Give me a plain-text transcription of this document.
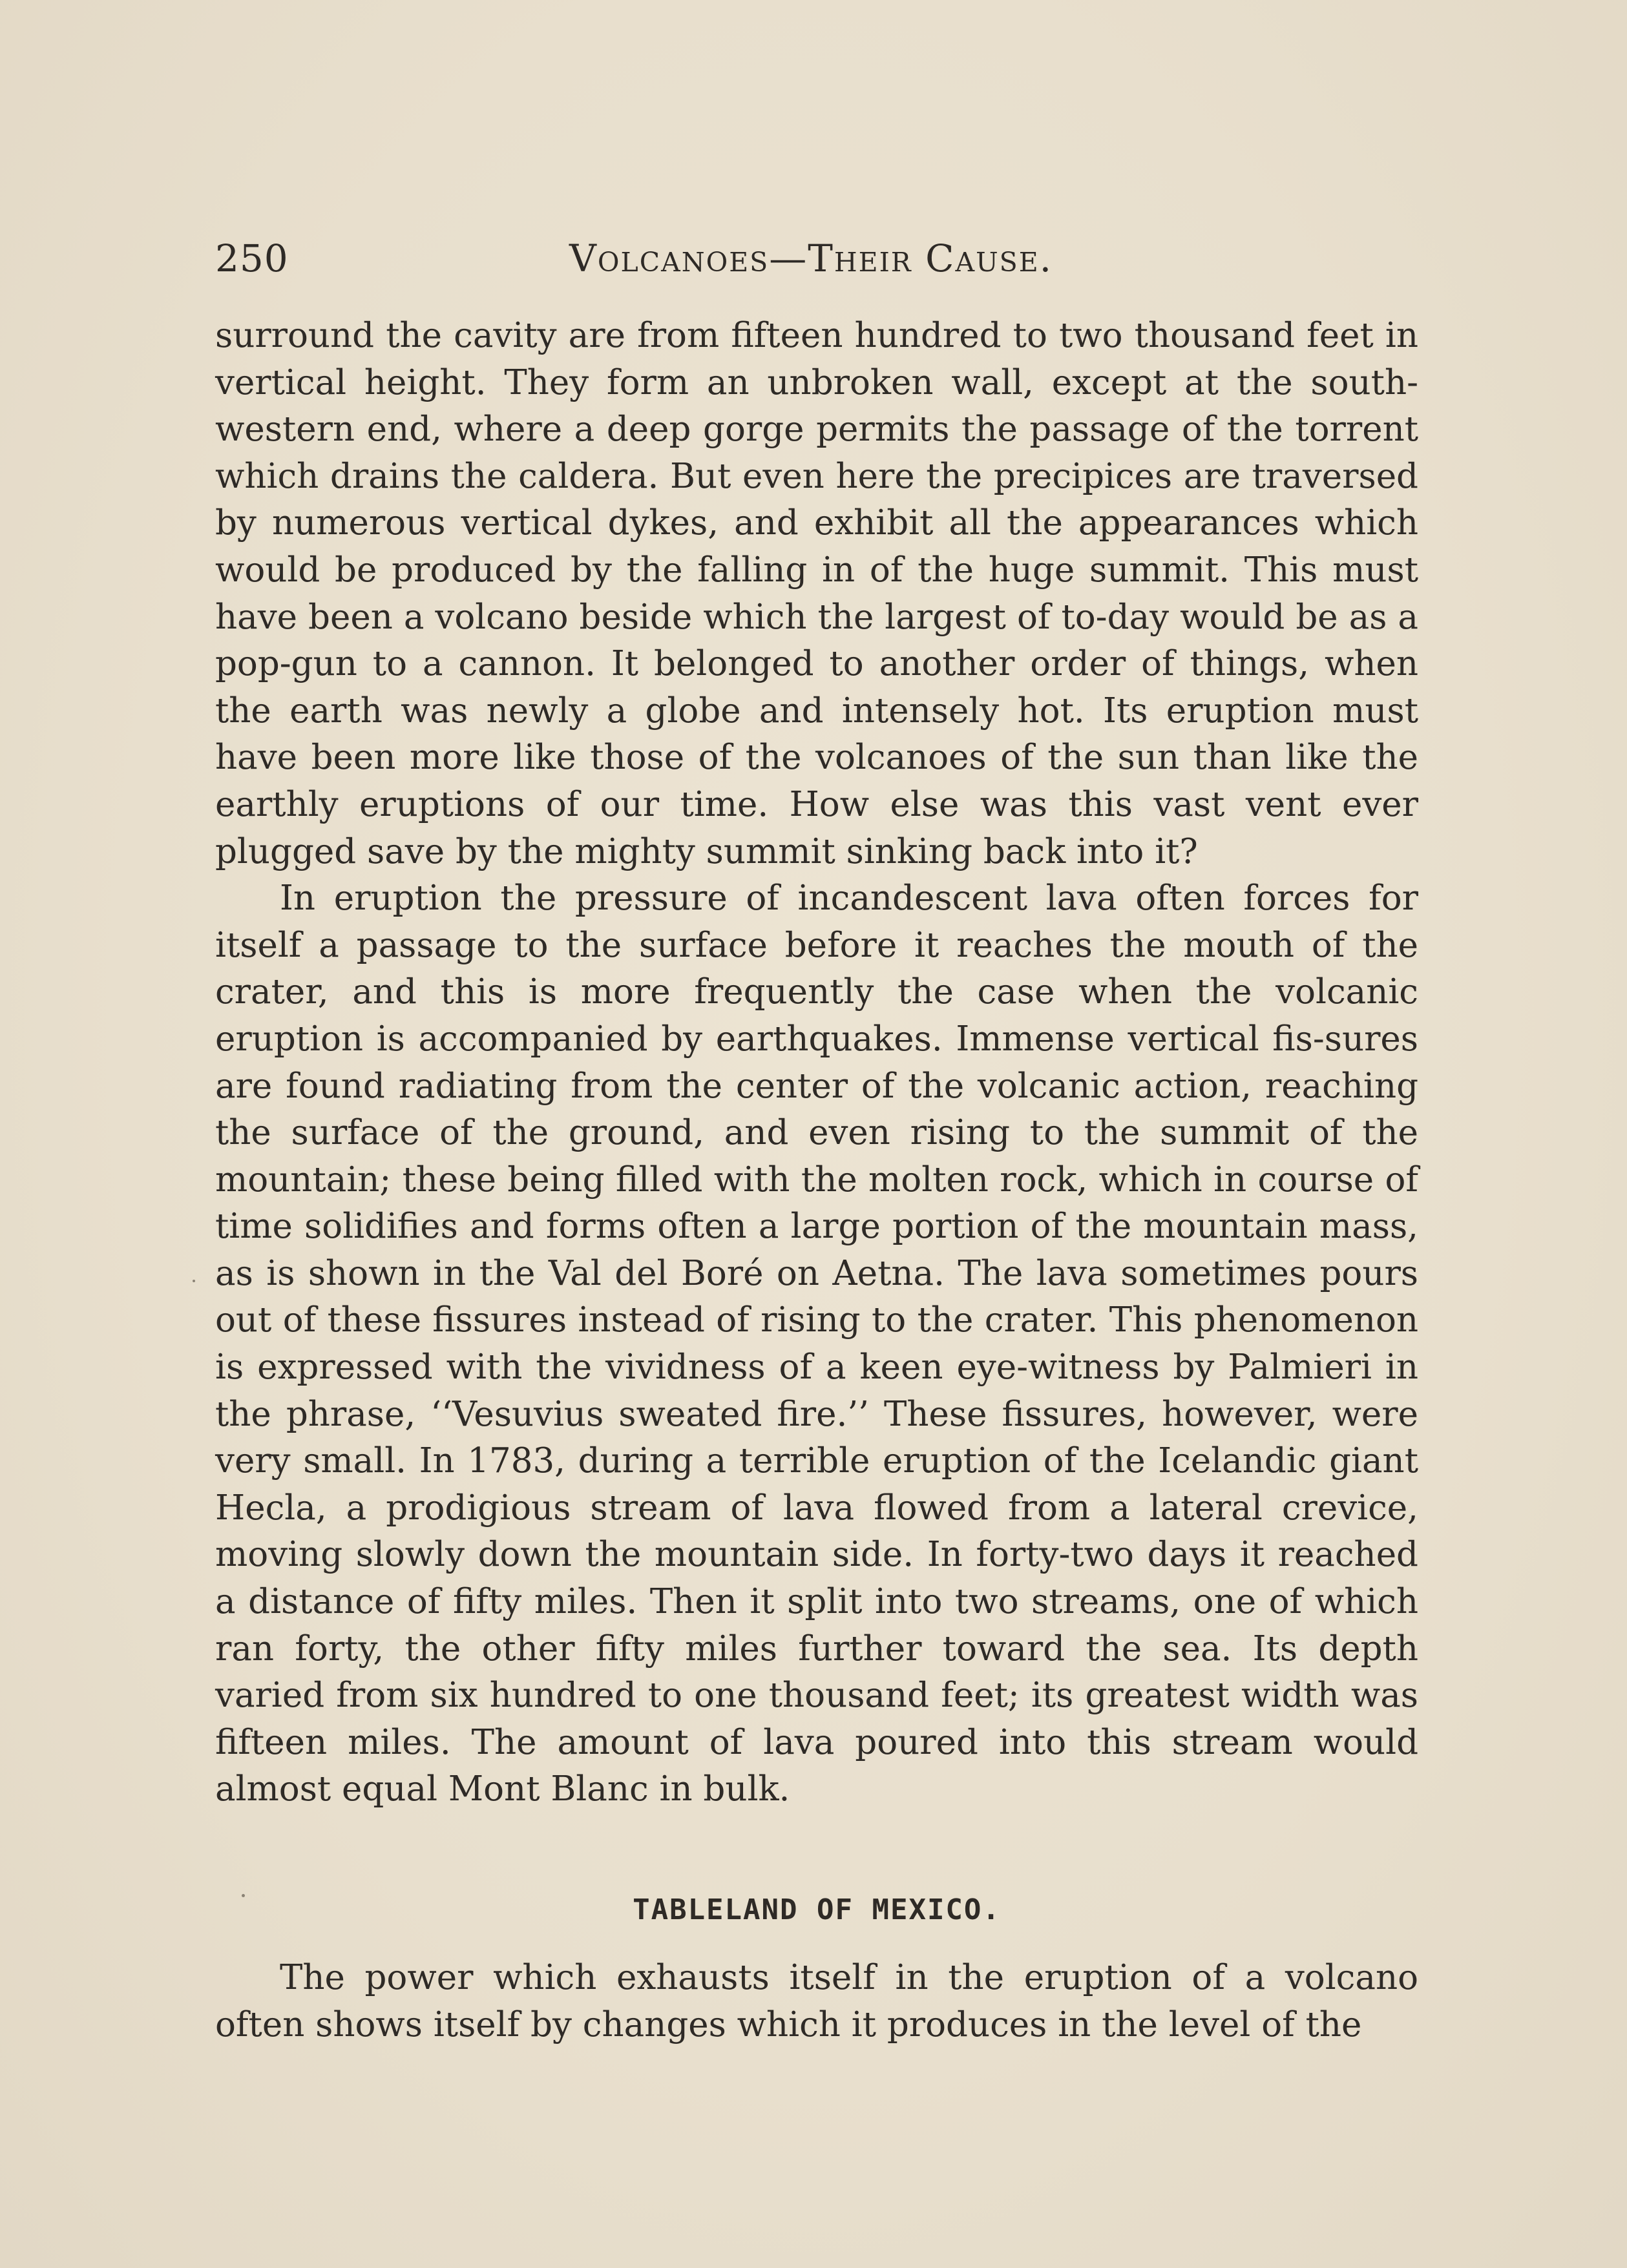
250	Volcanoes—Their Cause.

surround the cavity are from fifteen hundred to two thousand feet in vertical height. They form an unbroken wall, except at the south-western end, where a deep gorge permits the passage of the torrent which drains the caldera. But even here the precipices are traversed by numerous vertical dykes, and exhibit all the appearances which would be produced by the falling in of the huge summit. This must have been a volcano beside which the largest of to-day would be as a pop-gun to a cannon. It belonged to another order of things, when the earth was newly a globe and intensely hot. Its eruption must have been more like those of the volcanoes of the sun than like the earthly eruptions of our time. How else was this vast vent ever plugged save by the mighty summit sinking back into it?

In eruption the pressure of incandescent lava often forces for itself a passage to the surface before it reaches the mouth of the crater, and this is more frequently the case when the volcanic eruption is accompanied by earthquakes. Immense vertical fis-sures are found radiating from the center of the volcanic action, reaching the surface of the ground, and even rising to the summit of the mountain; these being filled with the molten rock, which in course of time solidifies and forms often a large portion of the mountain mass, as is shown in the Val del Boré on Aetna. The lava sometimes pours out of these fissures instead of rising to the crater. This phenomenon is expressed with the vividness of a keen eye-witness by Palmieri in the phrase, ‘‘Vesuvius sweated fire.’’ These fissures, however, were very small. In 1783, during a terrible eruption of the Icelandic giant Hecla, a prodigious stream of lava flowed from a lateral crevice, moving slowly down the mountain side. In forty-two days it reached a distance of fifty miles. Then it split into two streams, one of which ran forty, the other fifty miles further toward the sea. Its depth varied from six hundred to one thousand feet; its greatest width was fifteen miles. The amount of lava poured into this stream would almost equal Mont Blanc in bulk.

TABLELAND OF MEXICO.

The power which exhausts itself in the eruption of a volcano often shows itself by changes which it produces in the level of the
